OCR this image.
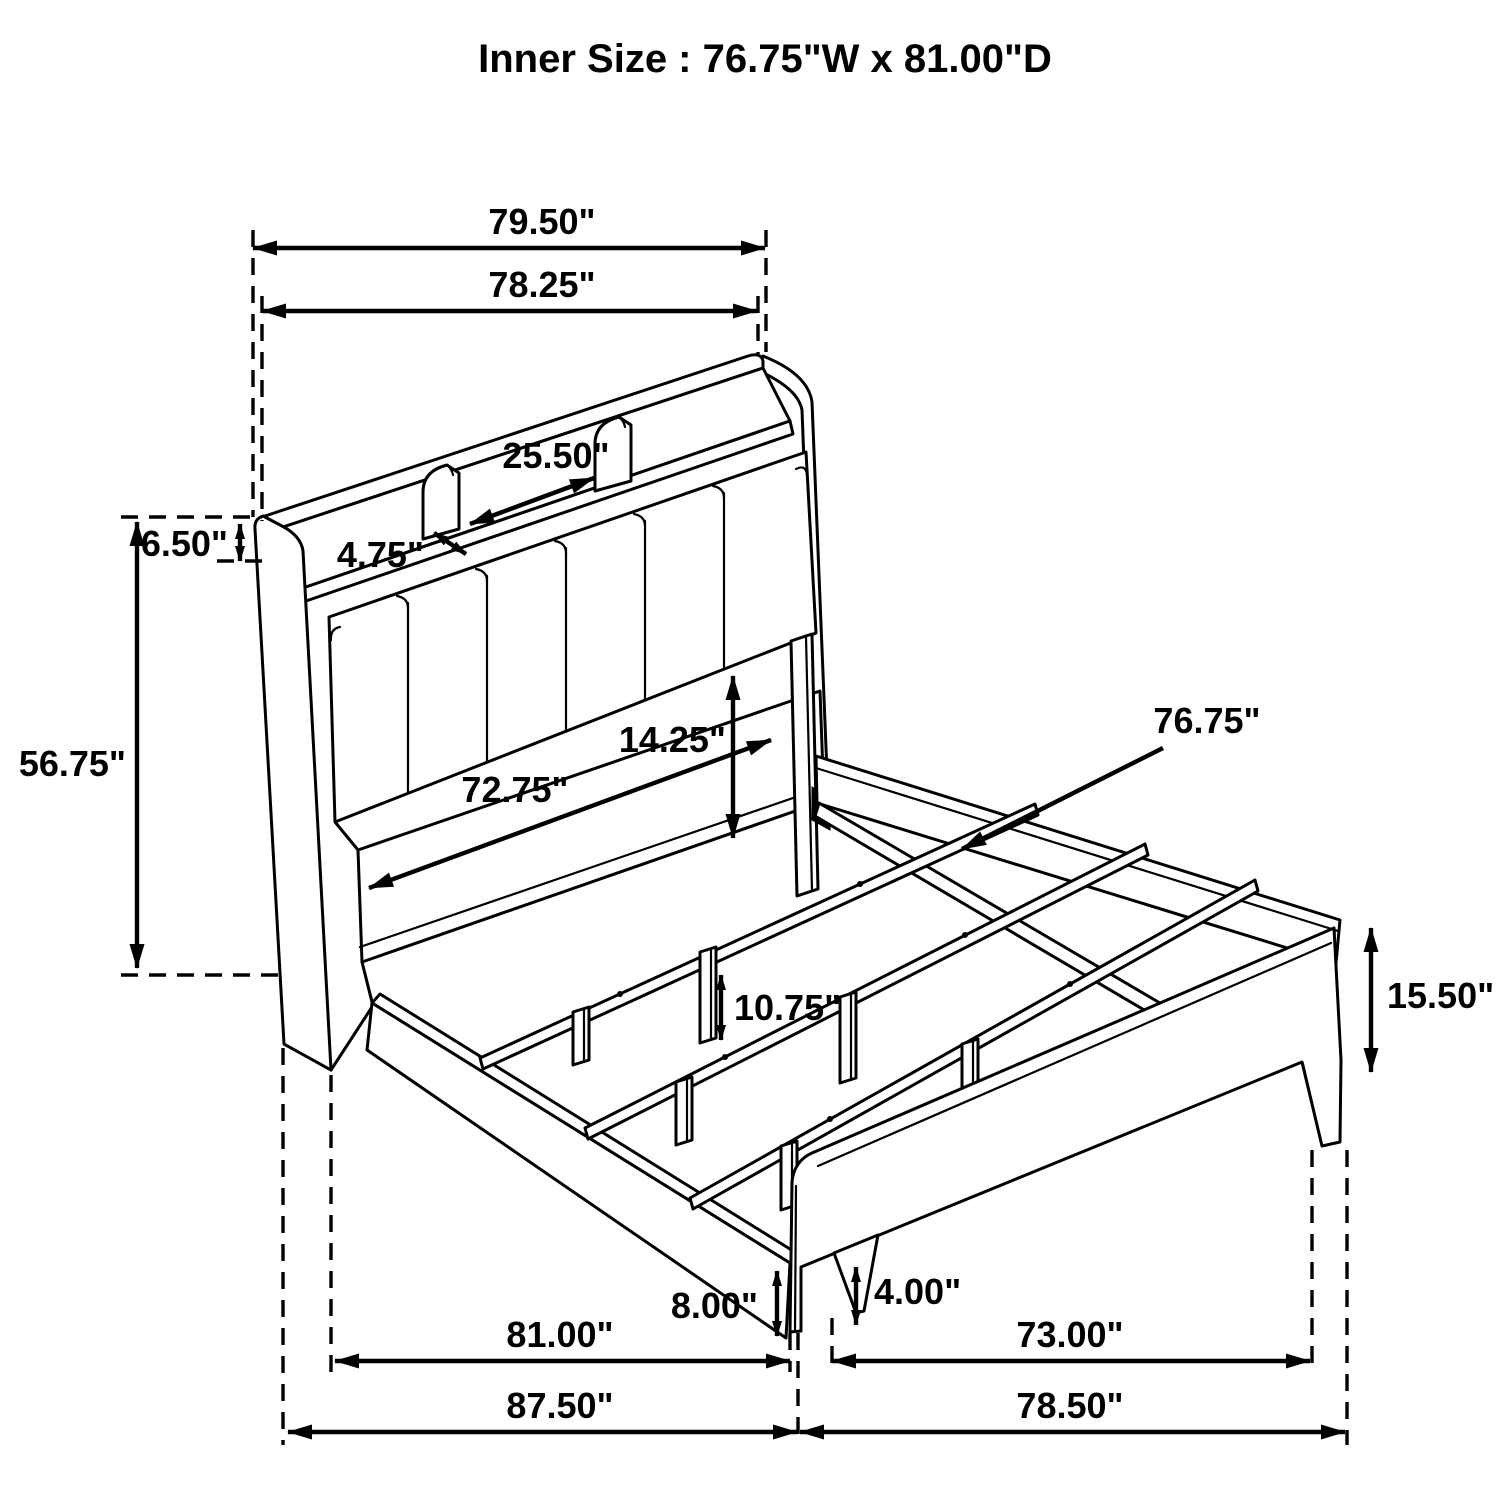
Inner Size : 76.75"W x 81.00"D
79.50"
78.25"
6.50"
56.75"
25.50"
4.75"
14.25"
72.75"
76.75"
15.50"
10.75"
8.00"	4.00"
81.00"	73.00"
87.50"	78.50"
